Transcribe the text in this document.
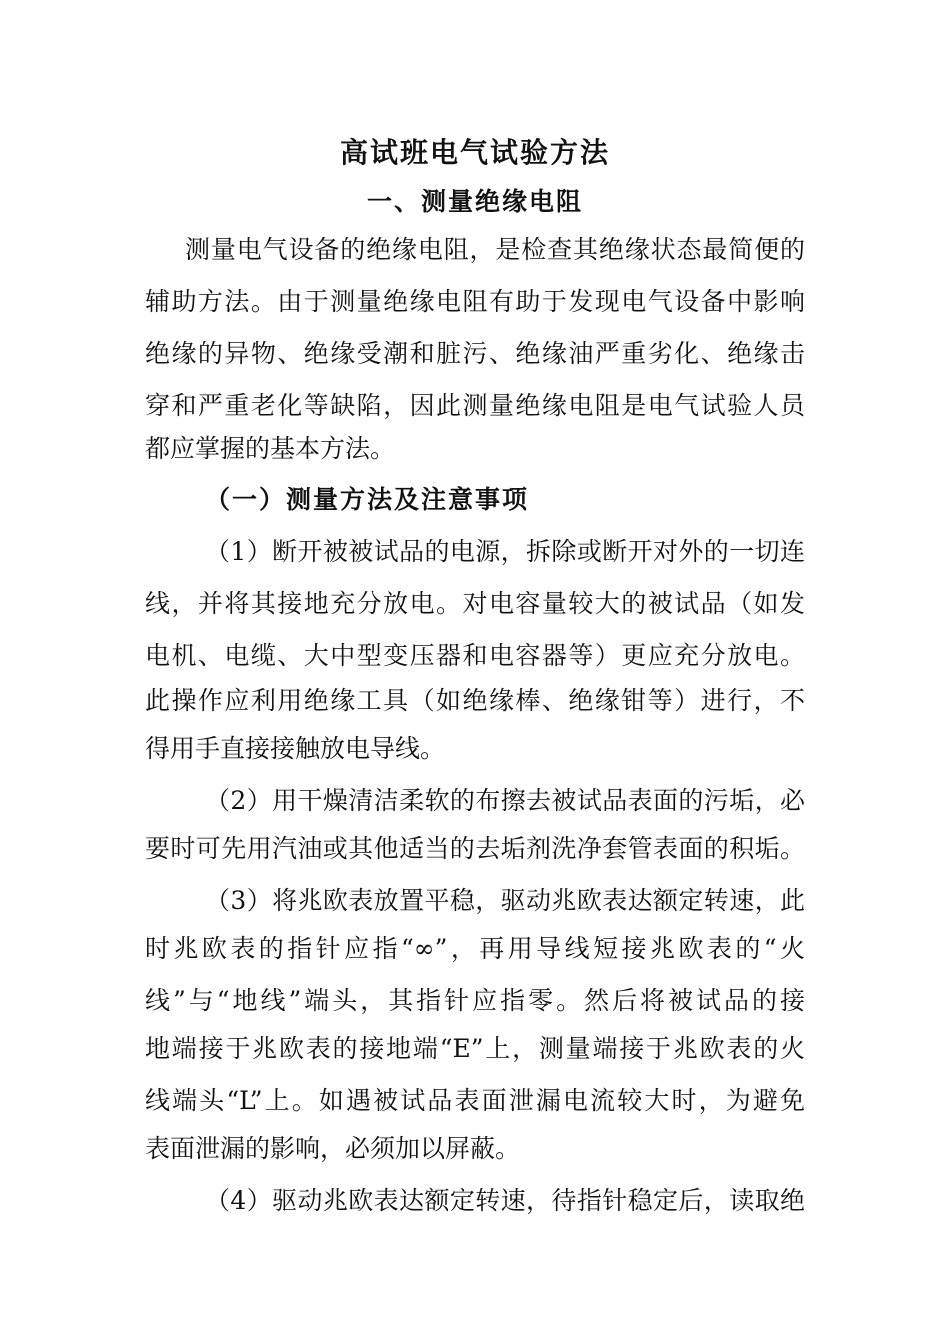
高试班电气试验方法
一、测量绝缘电阻
测量电气设备的绝缘电阻，是检查其绝缘状态最简便的
辅助方法。由于测量绝缘电阻有助于发现电气设备中影响
绝缘的异物、绝缘受潮和脏污、绝缘油严重劣化、绝缘击
穿和严重老化等缺陷，因此测量绝缘电阻是电气试验人员
都应掌握的基本方法。
（一）测量方法及注意事项
（1）断开被被试品的电源，拆除或断开对外的一切连
线，并将其接地充分放电。对电容量较大的被试品（如发
电机、电缆、大中型变压器和电容器等）更应充分放电。
此操作应利用绝缘工具（如绝缘棒、绝缘钳等）进行，不
得用手直接接触放电导线。
（2）用干燥清洁柔软的布擦去被试品表面的污垢，必
要时可先用汽油或其他适当的去垢剂洗净套管表面的积垢。
（3）将兆欧表放置平稳，驱动兆欧表达额定转速，此
时兆欧表的指针应指“∞”，再用导线短接兆欧表的“火
线”与“地线”端头，其指针应指零。然后将被试品的接
地端接于兆欧表的接地端“E”上，测量端接于兆欧表的火
线端头“L”上。如遇被试品表面泄漏电流较大时，为避免
表面泄漏的影响，必须加以屏蔽。
（4）驱动兆欧表达额定转速，待指针稳定后，读取绝
